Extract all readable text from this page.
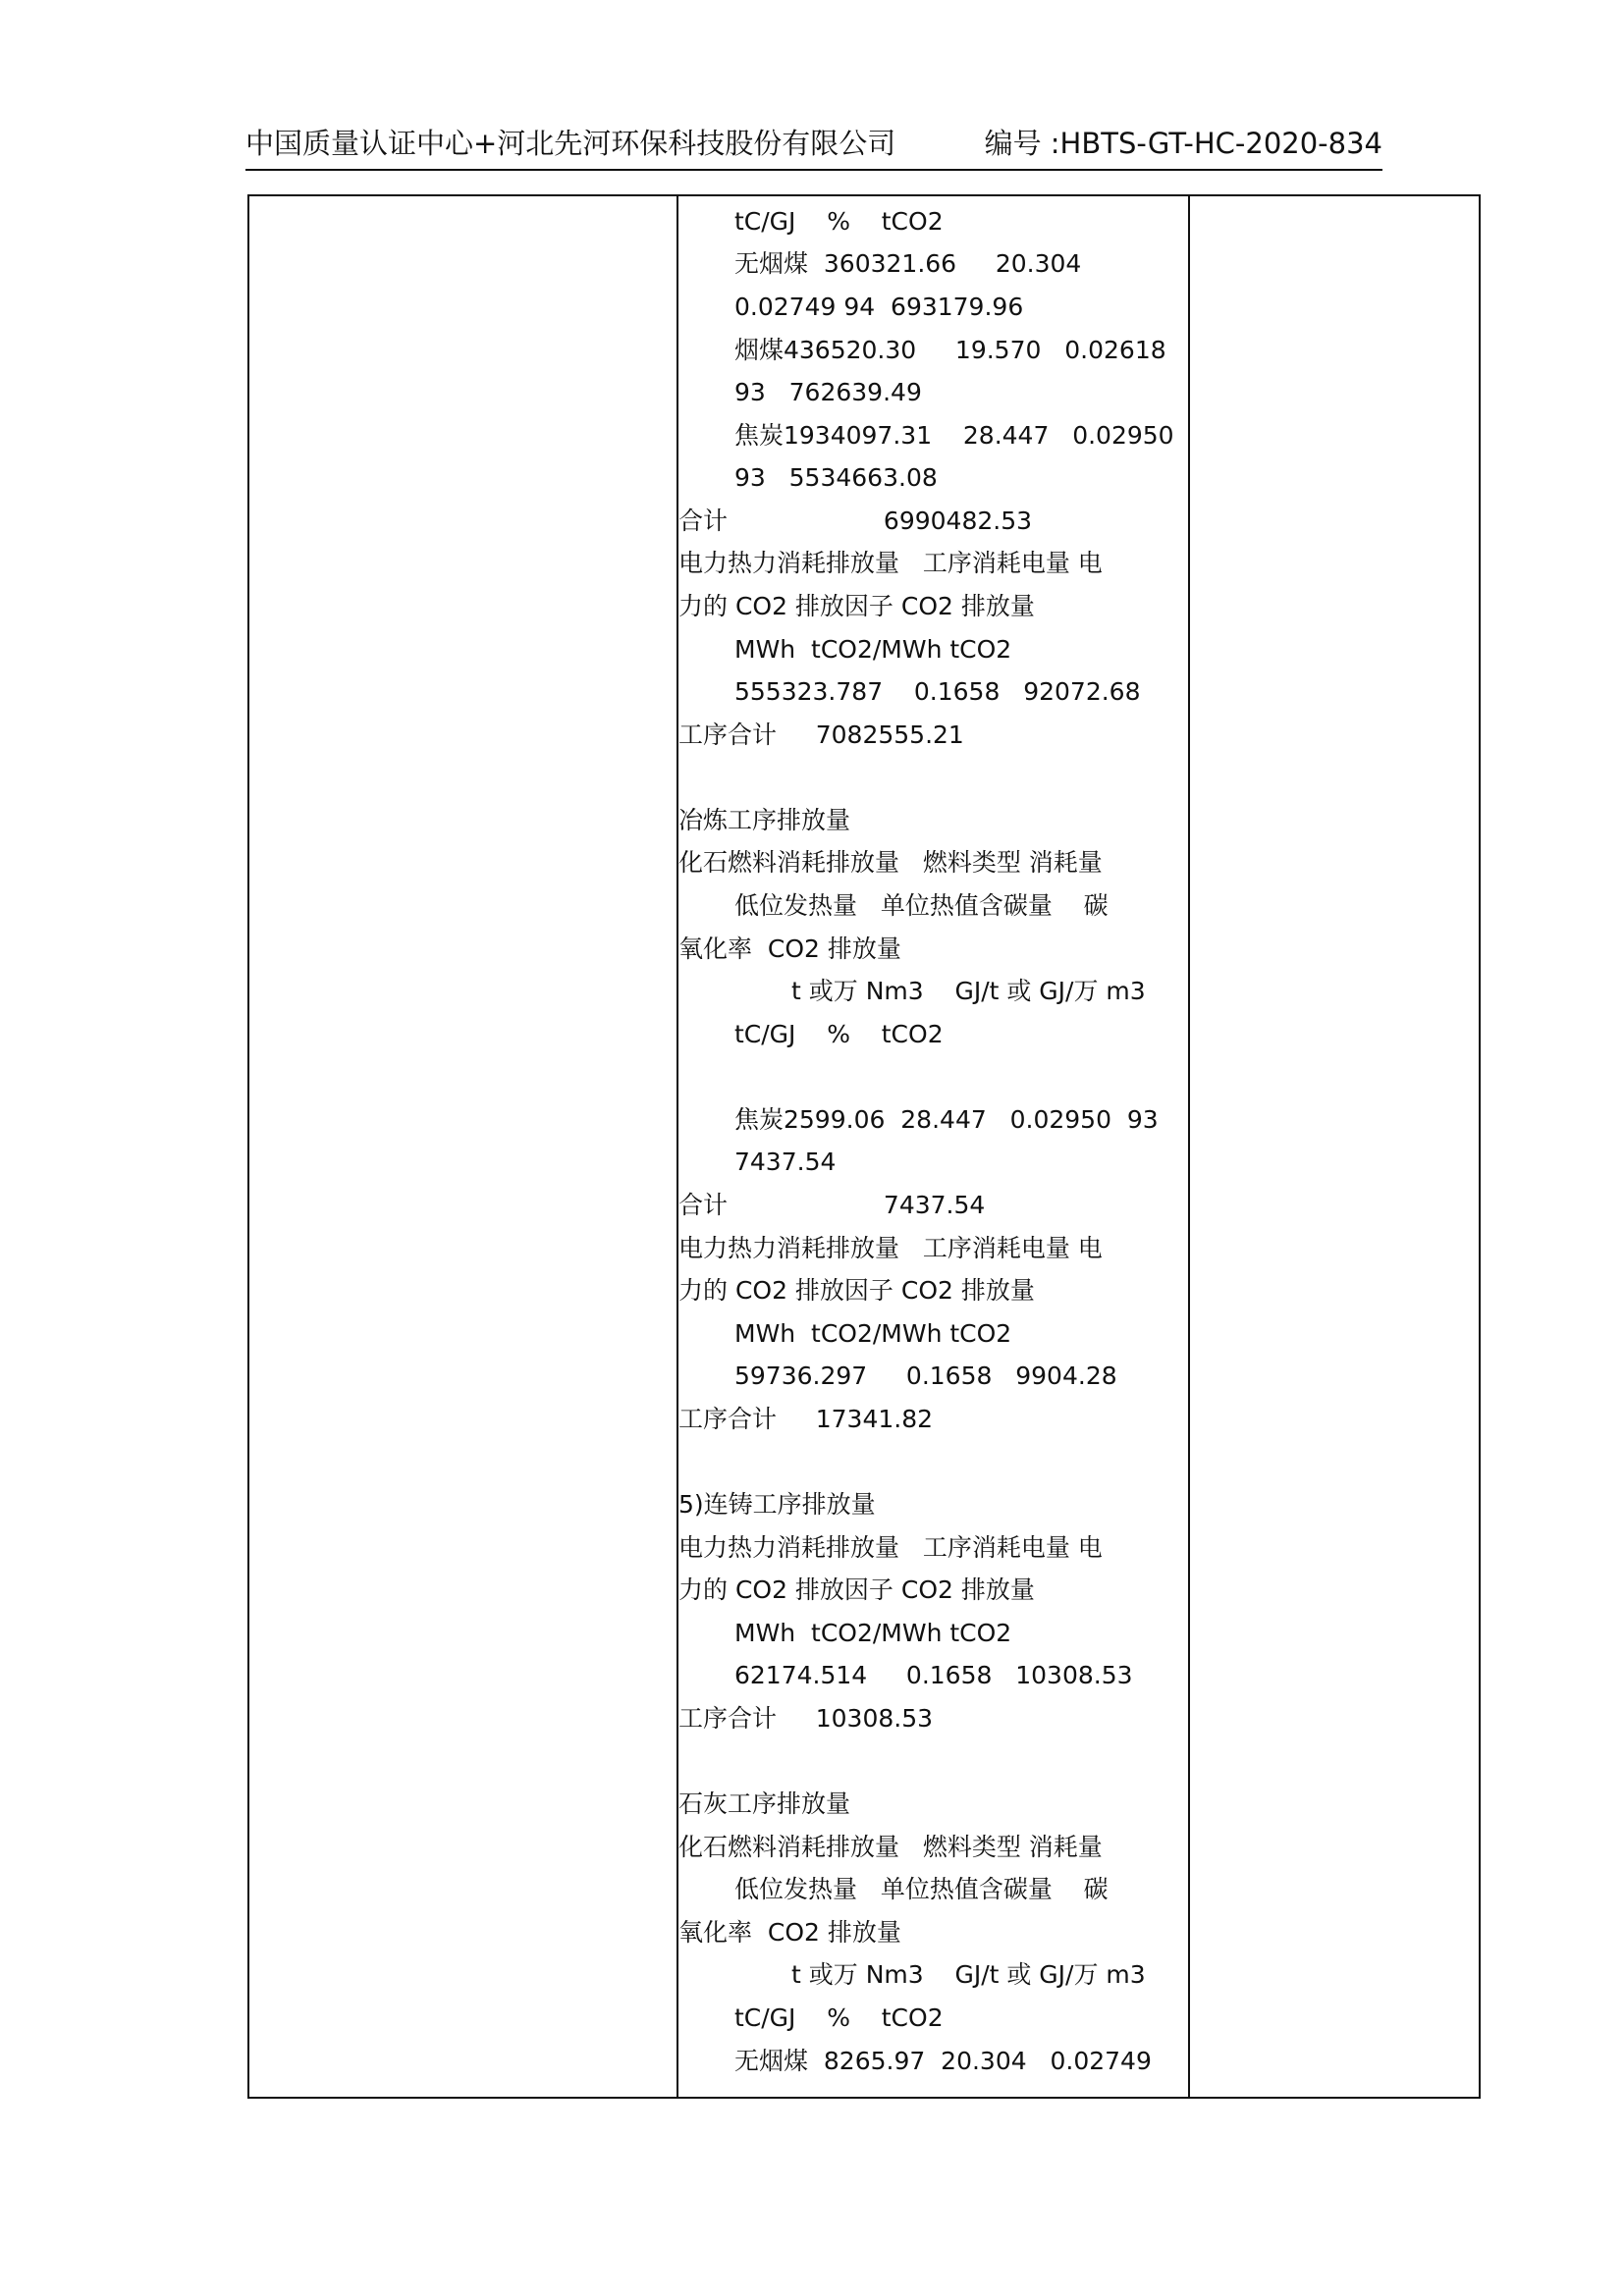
中国质量认证中心+河北先河环保科技股份有限公司	编号 :HBTS-GT-HC-2020-834
tC/GJ    %    tCO2
无烟煤  360321.66     20.304
0.02749 94  693179.96
烟煤436520.30     19.570   0.02618
93   762639.49
焦炭1934097.31    28.447   0.02950
93   5534663.08
合计                    6990482.53
电力热力消耗排放量   工序消耗电量 电
力的 CO2 排放因子 CO2 排放量
MWh  tCO2/MWh tCO2
555323.787    0.1658   92072.68
工序合计     7082555.21
冶炼工序排放量
化石燃料消耗排放量   燃料类型 消耗量
低位发热量   单位热值含碳量    碳
氧化率  CO2 排放量
t 或万 Nm3    GJ/t 或 GJ/万 m3
tC/GJ    %    tCO2
焦炭2599.06  28.447   0.02950  93
7437.54
合计                    7437.54
电力热力消耗排放量   工序消耗电量 电
力的 CO2 排放因子 CO2 排放量
MWh  tCO2/MWh tCO2
59736.297     0.1658   9904.28
工序合计     17341.82
5)连铸工序排放量
电力热力消耗排放量   工序消耗电量 电
力的 CO2 排放因子 CO2 排放量
MWh  tCO2/MWh tCO2
62174.514     0.1658   10308.53
工序合计     10308.53
石灰工序排放量
化石燃料消耗排放量   燃料类型 消耗量
低位发热量   单位热值含碳量    碳
氧化率  CO2 排放量
t 或万 Nm3    GJ/t 或 GJ/万 m3
tC/GJ    %    tCO2
无烟煤  8265.97  20.304   0.02749
